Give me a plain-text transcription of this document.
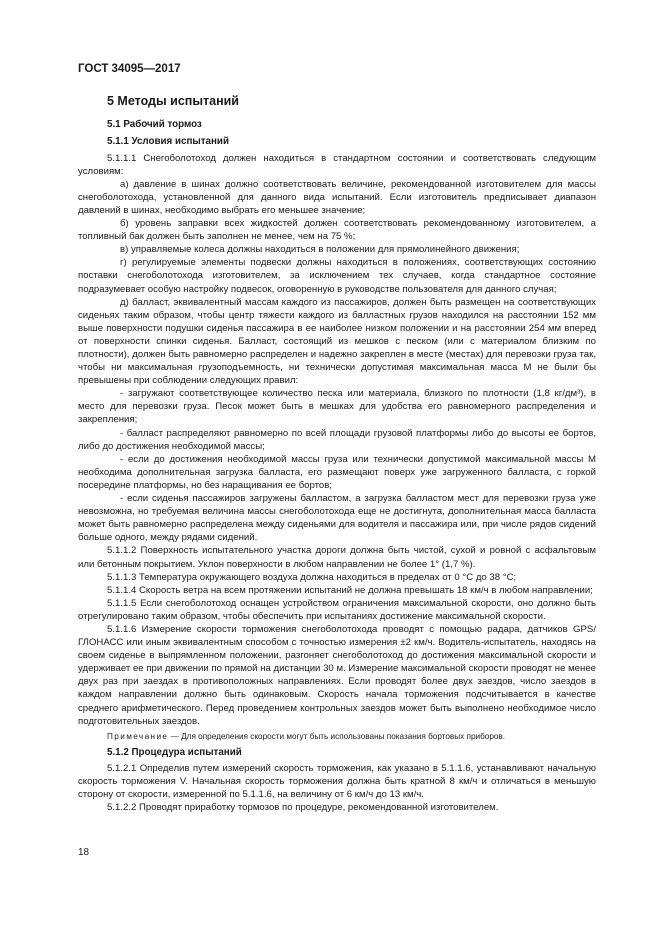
ГОСТ 34095—2017
5 Методы испытаний
5.1 Рабочий тормоз
5.1.1 Условия испытаний

5.1.1.1 Снегоболотоход должен находиться в стандартном состоянии и соответствовать следующим условиям:

а) давление в шинах должно соответствовать величине, рекомендованной изготовителем для массы снегоболотохода, установленной для данного вида испытаний. Если изготовитель предписывает диапазон давлений в шинах, необходимо выбрать его меньшее значение;

б) уровень заправки всех жидкостей должен соответствовать рекомендованному изготовителем, а топливный бак должен быть заполнен не менее, чем на 75 %;

в) управляемые колеса должны находиться в положении для прямолинейного движения;

г) регулируемые элементы подвески должны находиться в положениях, соответствующих состоянию поставки снегоболотохода изготовителем, за исключением тех случаев, когда стандартное состояние подразумевает особую настройку подвесок, оговоренную в руководстве пользователя для данного случая;

д) балласт, эквивалентный массам каждого из пассажиров, должен быть размещен на соответствующих сиденьях таким образом, чтобы центр тяжести каждого из балластных грузов находился на расстоянии 152 мм выше поверхности подушки сиденья пассажира в ее наиболее низком положении и на расстоянии 254 мм вперед от поверхности спинки сиденья. Балласт, состоящий из мешков с песком (или с материалом близким по плотности), должен быть равномерно распределен и надежно закреплен в месте (местах) для перевозки груза так, чтобы ни максимальная грузоподъемность, ни технически допустимая максимальная масса М не были бы превышены при соблюдении следующих правил:

- загружают соответствующее количество песка или материала, близкого по плотности (1,8 кг/дм³), в место для перевозки груза. Песок может быть в мешках для удобства его равномерного распределения и закрепления;

- балласт распределяют равномерно по всей площади грузовой платформы либо до высоты ее бортов, либо до достижения необходимой массы;

- если до достижения необходимой массы груза или технически допустимой максимальной массы М необходима дополнительная загрузка балласта, его размещают поверх уже загруженного балласта, с горкой посередине платформы, но без наращивания ее бортов;

- если сиденья пассажиров загружены балластом, а загрузка балластом мест для перевозки груза уже невозможна, но требуемая величина массы снегоболотохода еще не достигнута, дополнительная масса балласта может быть равномерно распределена между сиденьями для водителя и пассажира или, при числе рядов сидений больше одного, между рядами сидений.

5.1.1.2 Поверхность испытательного участка дороги должна быть чистой, сухой и ровной с асфальтовым или бетонным покрытием. Уклон поверхности в любом направлении не более 1° (1,7 %).

5.1.1.3 Температура окружающего воздуха должна находиться в пределах от 0 °С до 38 °С;

5.1.1.4 Скорость ветра на всем протяжении испытаний не должна превышать 18 км/ч в любом направлении;

5.1.1.5 Если снегоболотоход оснащен устройством ограничения максимальной скорости, оно должно быть отрегулировано таким образом, чтобы обеспечить при испытаниях достижение максимальной скорости.

5.1.1.6 Измерение скорости торможения снегоболотохода проводят с помощью радара, датчиков GPS/ГЛОНАСС или иным эквивалентным способом с точностью измерения ±2 км/ч. Водитель-испытатель, находясь на своем сиденье в выпрямленном положении, разгоняет снегоболотоход до достижения максимальной скорости и удерживает ее при движении по прямой на дистанции 30 м. Измерение максимальной скорости проводят не менее двух раз при заездах в противоположных направлениях. Если проводят более двух заездов, число заездов в каждом направлении должно быть одинаковым. Скорость начала торможения подсчитывается в качестве среднего арифметического. Перед проведением контрольных заездов может быть выполнено необходимое число подготовительных заездов.

Примечание — Для определения скорости могут быть использованы показания бортовых приборов.

5.1.2 Процедура испытаний

5.1.2.1 Определив путем измерений скорость торможения, как указано в 5.1.1.6, устанавливают начальную скорость торможения V. Начальная скорость торможения должна быть кратной 8 км/ч и отличаться в меньшую сторону от скорости, измеренной по 5.1.1.6, на величину от 6 км/ч до 13 км/ч.

5.1.2.2 Проводят приработку тормозов по процедуре, рекомендованной изготовителем.

18
